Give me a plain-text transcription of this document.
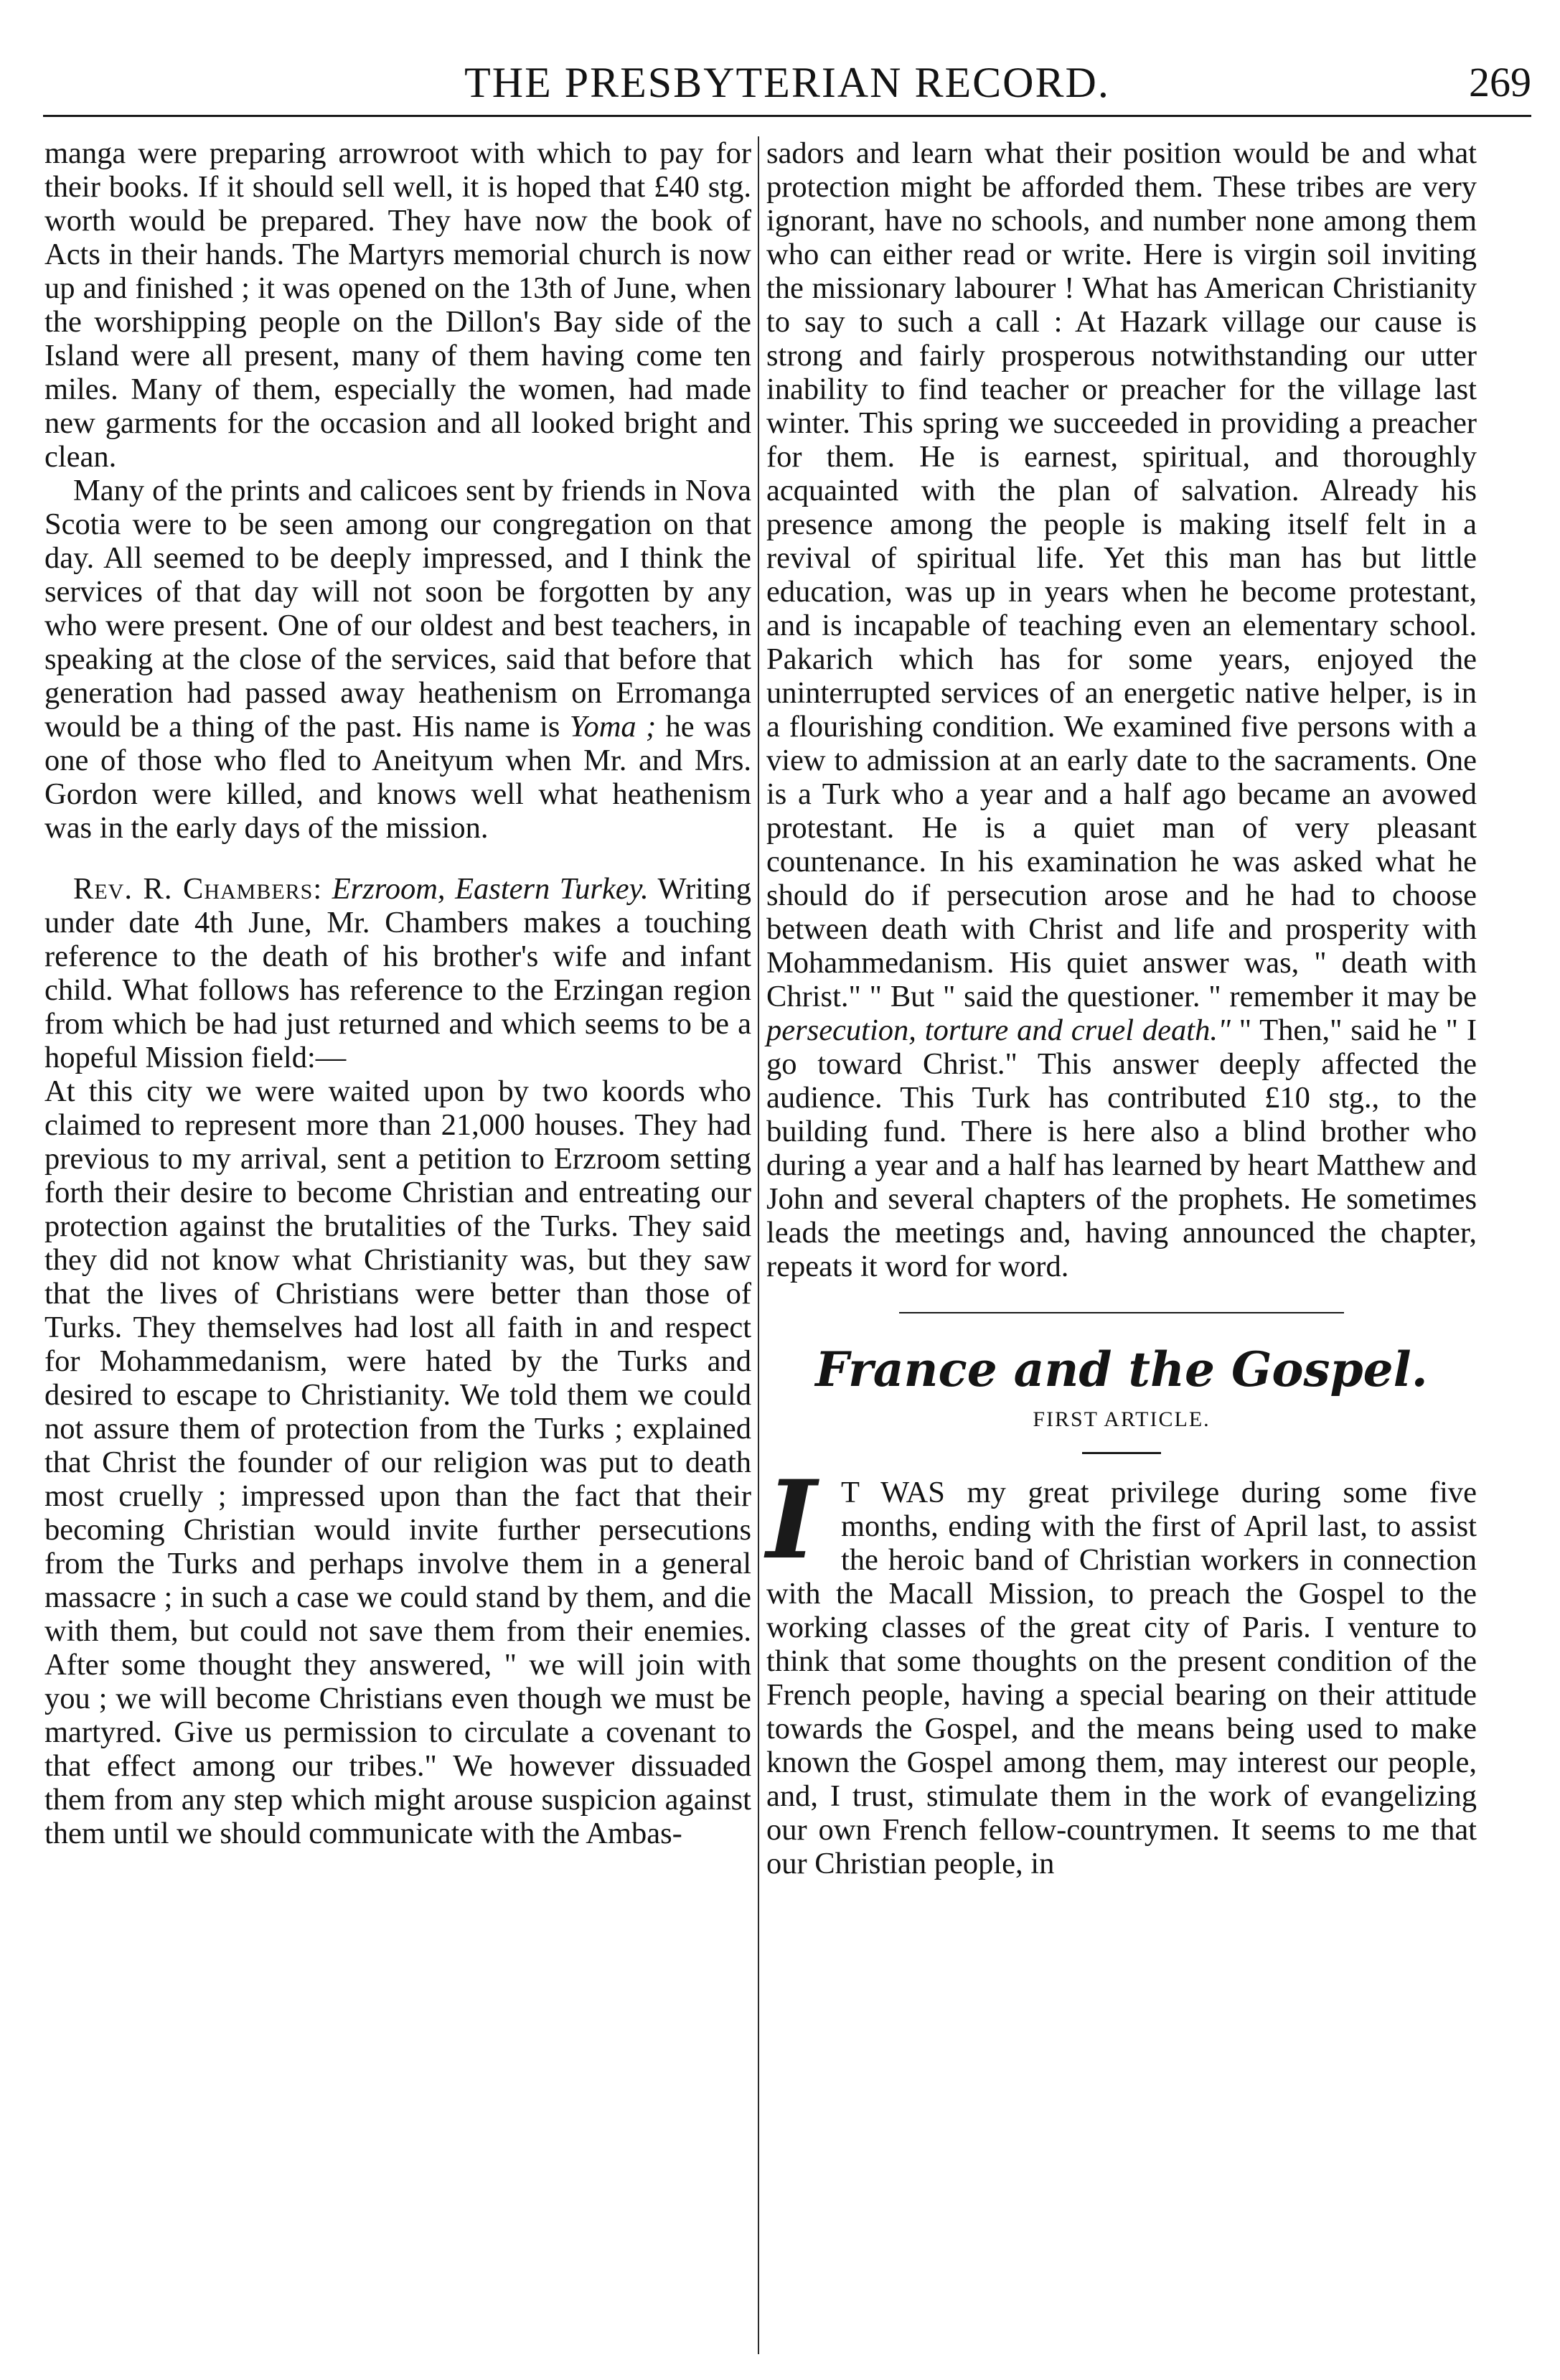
THE PRESBYTERIAN RECORD.	269

manga were preparing arrowroot with which to pay for their books. If it should sell well, it is hoped that £40 stg. worth would be prepared. They have now the book of Acts in their hands. The Martyrs memorial church is now up and finished ; it was opened on the 13th of June, when the worshipping people on the Dillon's Bay side of the Island were all present, many of them having come ten miles. Many of them, especially the women, had made new garments for the occasion and all looked bright and clean.

Many of the prints and calicoes sent by friends in Nova Scotia were to be seen among our congregation on that day. All seemed to be deeply impressed, and I think the services of that day will not soon be forgotten by any who were present. One of our oldest and best teachers, in speaking at the close of the services, said that before that generation had passed away heathenism on Erromanga would be a thing of the past. His name is Yoma ; he was one of those who fled to Aneityum when Mr. and Mrs. Gordon were killed, and knows well what heathenism was in the early days of the mission.

Rev. R. Chambers: Erzroom, Eastern Turkey. Writing under date 4th June, Mr. Chambers makes a touching reference to the death of his brother's wife and infant child. What follows has reference to the Erzingan region from which be had just returned and which seems to be a hopeful Mission field:—

At this city we were waited upon by two koords who claimed to represent more than 21,000 houses. They had previous to my arrival, sent a petition to Erzroom setting forth their desire to become Christian and entreating our protection against the brutalities of the Turks. They said they did not know what Christianity was, but they saw that the lives of Christians were better than those of Turks. They themselves had lost all faith in and respect for Mohammedanism, were hated by the Turks and desired to escape to Christianity. We told them we could not assure them of protection from the Turks ; explained that Christ the founder of our religion was put to death most cruelly ; impressed upon than the fact that their becoming Christian would invite further persecutions from the Turks and perhaps involve them in a general massacre ; in such a case we could stand by them, and die with them, but could not save them from their enemies. After some thought they answered, " we will join with you ; we will become Christians even though we must be martyred. Give us permission to circulate a covenant to that effect among our tribes." We however dissuaded them from any step which might arouse suspicion against them until we should communicate with the Ambas-

sadors and learn what their position would be and what protection might be afforded them. These tribes are very ignorant, have no schools, and number none among them who can either read or write. Here is virgin soil inviting the missionary labourer ! What has American Christianity to say to such a call : At Hazark village our cause is strong and fairly prosperous notwithstanding our utter inability to find teacher or preacher for the village last winter. This spring we succeeded in providing a preacher for them. He is earnest, spiritual, and thoroughly acquainted with the plan of salvation. Already his presence among the people is making itself felt in a revival of spiritual life. Yet this man has but little education, was up in years when he become protestant, and is incapable of teaching even an elementary school. Pakarich which has for some years, enjoyed the uninterrupted services of an energetic native helper, is in a flourishing condition. We examined five persons with a view to admission at an early date to the sacraments. One is a Turk who a year and a half ago became an avowed protestant. He is a quiet man of very pleasant countenance. In his examination he was asked what he should do if persecution arose and he had to choose between death with Christ and life and prosperity with Mohammedanism. His quiet answer was, " death with Christ." " But " said the questioner. " remember it may be persecution, torture and cruel death." " Then," said he " I go toward Christ." This answer deeply affected the audience. This Turk has contributed £10 stg., to the building fund. There is here also a blind brother who during a year and a half has learned by heart Matthew and John and several chapters of the prophets. He sometimes leads the meetings and, having announced the chapter, repeats it word for word.

France and the Gospel.
FIRST ARTICLE.

I T WAS my great privilege during some five months, ending with the first of April last, to assist the heroic band of Christian workers in connection with the Macall Mission, to preach the Gospel to the working classes of the great city of Paris. I venture to think that some thoughts on the present condition of the French people, having a special bearing on their attitude towards the Gospel, and the means being used to make known the Gospel among them, may interest our people, and, I trust, stimulate them in the work of evangelizing our own French fellow-countrymen. It seems to me that our Christian people, in
